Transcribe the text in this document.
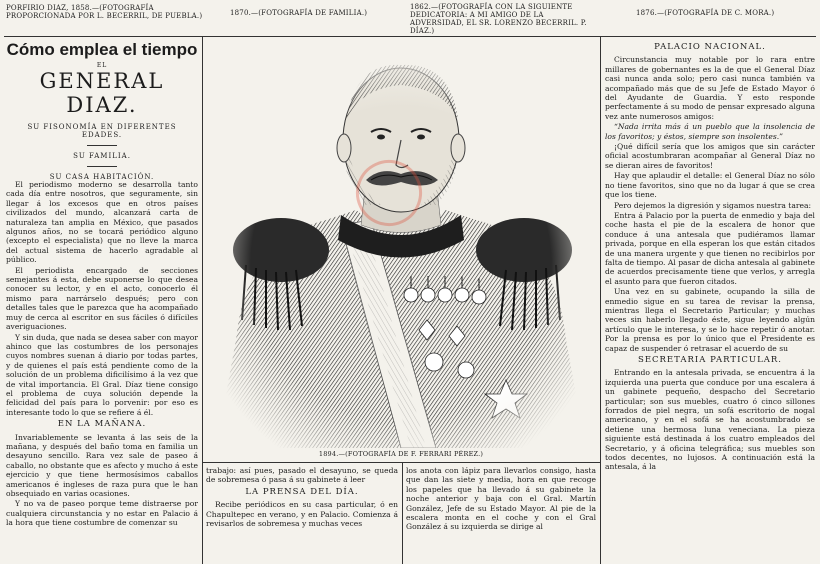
PORFIRIO DIAZ, 1858.—(FOTOGRAFÍA PROPORCIONADA POR L. BECERRIL, DE PUEBLA.)	1870.—(FOTOGRAFÍA DE FAMILIA.)
1862.—(FOTOGRAFÍA CON LA SIGUIENTE DEDICATORIA: A MI AMIGO DE LA ADVERSIDAD, EL SR. LORENZO BECERRIL. P. DÍAZ.)
1876.—(FOTOGRAFÍA DE C. MORA.)
Cómo emplea el tiempo
EL
GENERAL DIAZ.
SU FISONOMÍA EN DIFERENTES EDADES.
SU FAMILIA.
SU CASA HABITACIÓN.

El periodismo moderno se desarrolla tanto cada día entre nosotros, que seguramente, sin llegar á los excesos que en otros países civilizados del mundo, alcanzará carta de naturaleza tan amplia en México, que pasados algunos años, no se tocará periódico alguno (excepto el especialista) que no lleve la marca del actual sistema de hacerlo agradable al público.

El periodista encargado de secciones semejantes á esta, debe suponerse lo que desea conocer su lector, y en el acto, conocerlo él mismo para narrárselo después; pero con detalles tales que le parezca que ha acompañado muy de cerca al escritor en sus fáciles ó difíciles averiguaciones.

Y sin duda, que nada se desea saber con mayor ahinco que las costumbres de los personajes cuyos nombres suenan á diario por todas partes, y de quienes el país está pendiente como de la solución de un problema dificilísimo á la vez que de vital importancia. El Gral. Díaz tiene consigo el problema de cuya solución depende la felicidad del país para lo porvenir: por eso es interesante todo lo que se refiere á él.

EN LA MAÑANA.

Invariablemente se levanta á las seis de la mañana, y después del baño toma en familia un desayuno sencillo. Rara vez sale de paseo á caballo, no obstante que es afecto y mucho á este ejercicio y que tiene hermosísimos caballos americanos é ingleses de raza pura que le han obsequiado en varias ocasiones.

Y no va de paseo porque teme distraerse por cualquiera circunstancia y no estar en Palacio á la hora que tiene costumbre de comenzar su

1894.—(FOTOGRAFÍA DE F. FERRARI PÉREZ.)

trabajo: así pues, pasado el desayuno, se queda de sobremesa ó pasa á su gabinete á leer

LA PRENSA DEL DÍA.

Recibe periódicos en su casa particular, ó en Chapultepec en verano, y en Palacio. Comienza á revisarlos de sobremesa y muchas veces

los anota con lápiz para llevarlos consigo, hasta que dan las siete y media, hora en que recoge los papeles que ha llevado á su gabinete la noche anterior y baja con el Gral. Martín González, Jefe de su Estado Mayor. Al pie de la escalera monta en el coche y con el Gral González á su izquierda se dirige al

PALACIO NACIONAL.

Circunstancia muy notable por lo rara entre millares de gobernantes es la de que el General Díaz casi nunca anda solo; pero casi nunca también va acompañado más que de su Jefe de Estado Mayor ó del Ayudante de Guardia. Y esto responde perfectamente á su modo de pensar expresado alguna vez ante numerosos amigos:

“Nada irrita más á un pueblo que la insolencia de los favoritos; y éstos, siempre son insolentes.”

¡Qué difícil sería que los amigos que sin carácter oficial acostumbraran acompañar al General Díaz no se dieran aires de favoritos!

Hay que aplaudir el detalle: el General Díaz no sólo no tiene favoritos, sino que no da lugar á que se crea que los tiene.

Pero dejemos la digresión y sigamos nuestra tarea:

Entra á Palacio por la puerta de enmedio y baja del coche hasta el pie de la escalera de honor que conduce á una antesala que pudiéramos llamar privada, porque en ella esperan los que están citados de una manera urgente y que tienen no recibirlos por falta de tiempo. Al pasar de dicha antesala al gabinete de acuerdos precisamente tiene que verlos, y arregla el asunto para que fueron citados.

Una vez en su gabinete, ocupando la silla de enmedio sigue en su tarea de revisar la prensa, mientras llega el Secretario Particular; y muchas veces sin haberlo llegado éste, sigue leyendo algún artículo que le interesa, y se lo hace repetir ó anotar. Por la prensa es por lo único que el Presidente es capaz de suspender ó retrasar el acuerdo de su

SECRETARIA PARTICULAR.

Entrando en la antesala privada, se encuentra á la izquierda una puerta que conduce por una escalera á un gabinete pequeño, despacho del Secretario particular; son sus muebles, cuatro ó cinco sillones forrados de piel negra, un sofá escritorio de nogal americano, y en el sofá se ha acostumbrado se detiene una hermosa luna veneciana. La pieza siguiente está destinada á los cuatro empleados del Secretario, y á oficina telegráfica; sus muebles son todos decentes, no lujosos. A continuación está la antesala, á la
